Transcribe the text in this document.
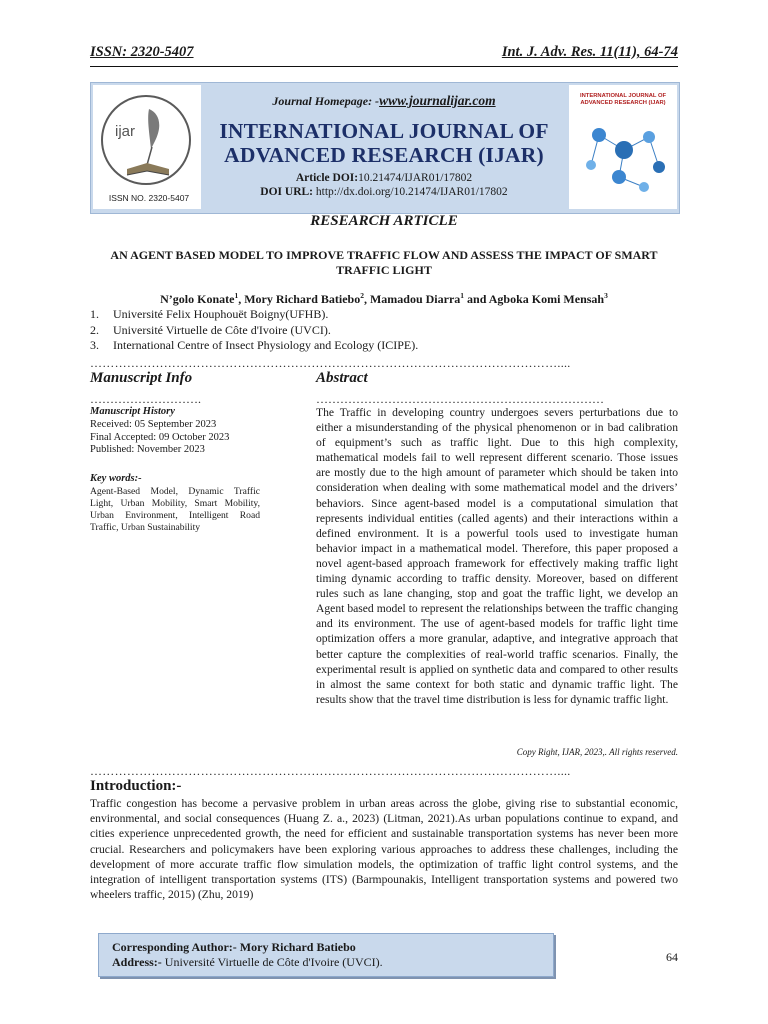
ISSN: 2320-5407	Int. J. Adv. Res. 11(11), 64-74
ijar
ISSN NO. 2320-5407
Journal Homepage: -www.journalijar.com
INTERNATIONAL JOURNAL OF
ADVANCED RESEARCH (IJAR)
Article DOI:10.21474/IJAR01/17802
DOI URL: http://dx.doi.org/10.21474/IJAR01/17802
INTERNATIONAL JOURNAL OF ADVANCED RESEARCH (IJAR)
RESEARCH ARTICLE
AN AGENT BASED MODEL TO IMPROVE TRAFFIC FLOW AND ASSESS THE IMPACT OF SMART
TRAFFIC LIGHT
N’golo Konate$^1$, Mory Richard Batiebo$^2$, Mamadou Diarra$^1$ and Agboka Komi Mensah$^3$
1. Université Felix Houphouët Boigny(UFHB).
2. Université Virtuelle de Côte d'Ivoire (UVCI).
3. International Centre of Insect Physiology and Ecology (ICIPE).
……………………………………………………………………………………………………....
Manuscript Info
……………………….
Abstract
………………………………………………………………
Manuscript History
Received: 05 September 2023
Final Accepted: 09 October 2023
Published: November 2023
Key words:-
Agent-Based Model, Dynamic Traffic Light, Urban Mobility, Smart Mobility, Urban Environment, Intelligent Road Traffic, Urban Sustainability
The Traffic in developing country undergoes severs perturbations due to either a misunderstanding of the physical phenomenon or in bad calibration of equipment’s such as traffic light. Due to this high complexity, mathematical models fail to well represent different scenario. Those issues are mostly due to the high amount of parameter which should be taken into consideration when dealing with some mathematical model and the drivers’ behaviors. Since agent-based model is a computational simulation that represents individual entities (called agents) and their interactions within a defined environment. It is a powerful tools used to investigate human behavior impact in a mathematical model. Therefore, this paper proposed a novel agent-based approach framework for effectively making traffic light timing dynamic according to traffic density. Moreover, based on different rules such as lane changing, stop and goat the traffic light, we develop an Agent based model to represent the relationships between the traffic changing and its environment. The use of agent-based models for traffic light time optimization offers a more granular, adaptive, and integrative approach that better capture the complexities of real-world traffic scenarios. Finally, the experimental result is applied on synthetic data and compared to other results in almost the same context for both static and dynamic traffic light. The results show that the travel time distribution is less for dynamic traffic light.
Copy Right, IJAR, 2023,. All rights reserved.
……………………………………………………………………………………………………....
Introduction:-
Traffic congestion has become a pervasive problem in urban areas across the globe, giving rise to substantial economic, environmental, and social consequences (Huang Z. a., 2023) (Litman, 2021).As urban populations continue to expand, and cities experience unprecedented growth, the need for efficient and sustainable transportation systems has never been more crucial. Researchers and policymakers have been exploring various approaches to address these challenges, including the development of more accurate traffic flow simulation models, the optimization of traffic light control systems, and the integration of intelligent transportation systems (ITS) (Barmpounakis, Intelligent transportation systems and powered two wheelers traffic, 2015) (Zhu, 2019)
Corresponding Author:- Mory Richard Batiebo
Address:- Université Virtuelle de Côte d'Ivoire (UVCI).	64
